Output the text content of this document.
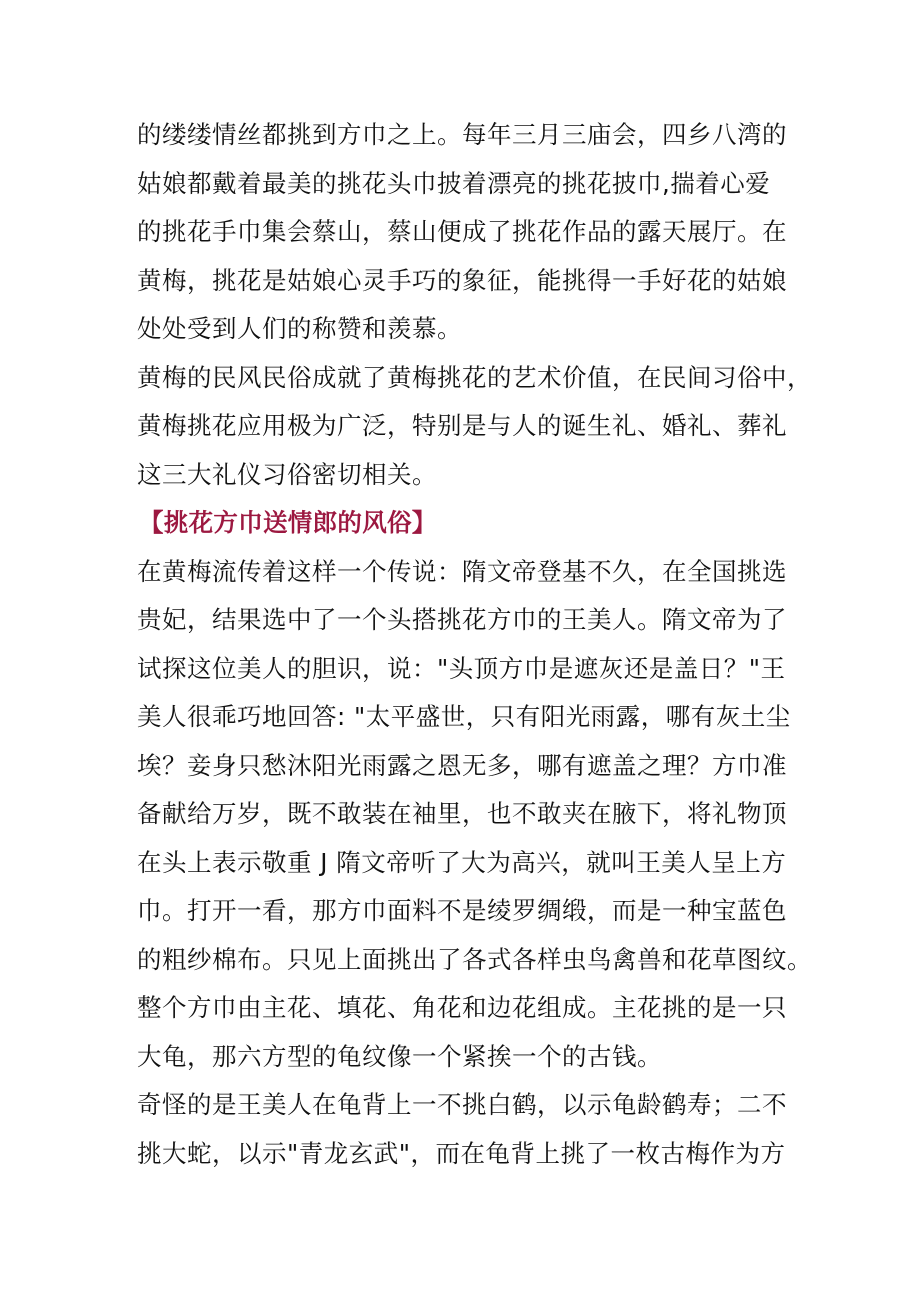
的缕缕情丝都挑到方巾之上。每年三月三庙会，四乡八湾的
姑娘都戴着最美的挑花头巾披着漂亮的挑花披巾,揣着心爱
的挑花手巾集会蔡山，蔡山便成了挑花作品的露天展厅。在
黄梅，挑花是姑娘心灵手巧的象征，能挑得一手好花的姑娘
处处受到人们的称赞和羡慕。
黄梅的民风民俗成就了黄梅挑花的艺术价值，在民间习俗中，
黄梅挑花应用极为广泛，特别是与人的诞生礼、婚礼、葬礼
这三大礼仪习俗密切相关。
【挑花方巾送情郎的风俗】
在黄梅流传着这样一个传说：隋文帝登基不久，在全国挑选
贵妃，结果选中了一个头搭挑花方巾的王美人。隋文帝为了
试探这位美人的胆识，说："头顶方巾是遮灰还是盖日？"王
美人很乖巧地回答: "太平盛世，只有阳光雨露，哪有灰土尘
埃？妾身只愁沐阳光雨露之恩无多，哪有遮盖之理？方巾准
备献给万岁，既不敢装在袖里，也不敢夹在腋下，将礼物顶
在头上表示敬重 J 隋文帝听了大为高兴，就叫王美人呈上方
巾。打开一看，那方巾面料不是绫罗绸缎，而是一种宝蓝色
的粗纱棉布。只见上面挑出了各式各样虫鸟禽兽和花草图纹。
整个方巾由主花、填花、角花和边花组成。主花挑的是一只
大龟，那六方型的龟纹像一个紧挨一个的古钱。
奇怪的是王美人在龟背上一不挑白鹤，以示龟龄鹤寿；二不
挑大蛇，以示"青龙玄武"，而在龟背上挑了一枚古梅作为方
